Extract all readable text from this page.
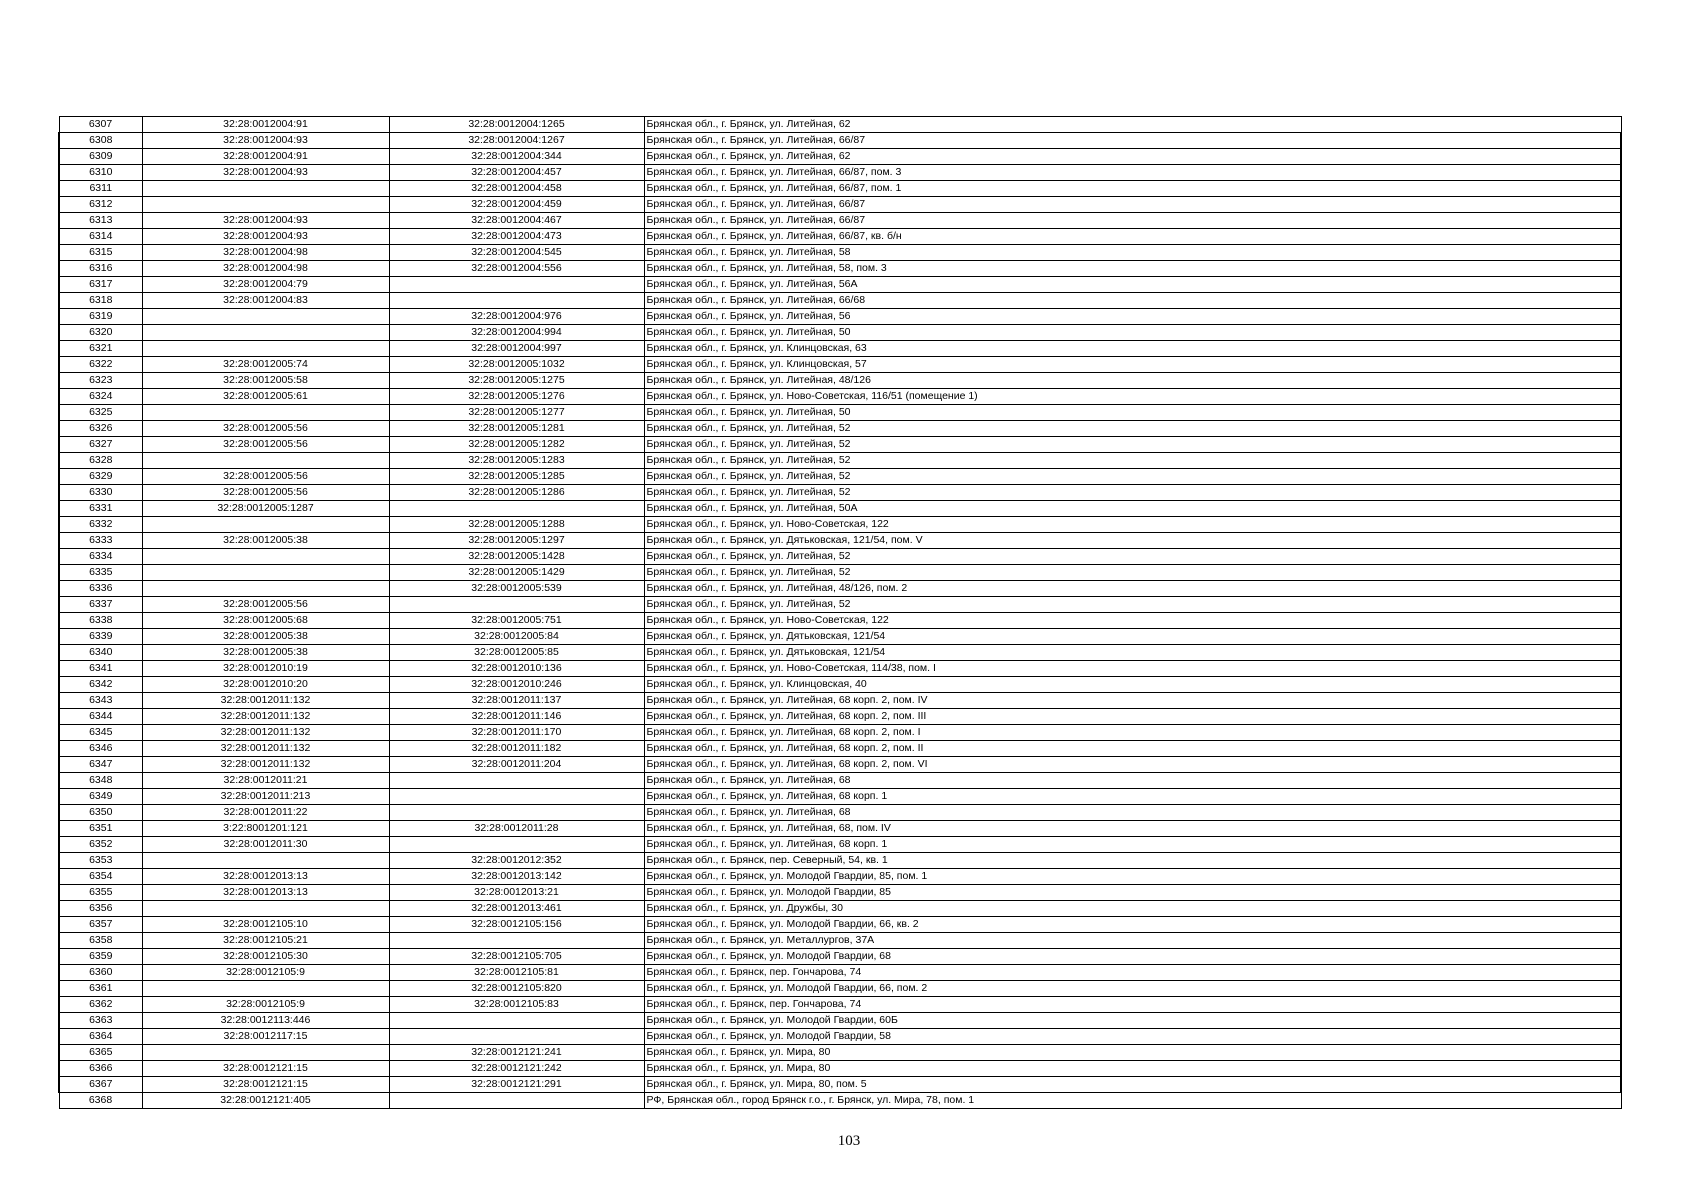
6307	32:28:0012004:91	32:28:0012004:1265	Брянская обл., г. Брянск, ул. Литейная, 62
6308	32:28:0012004:93	32:28:0012004:1267	Брянская обл., г. Брянск, ул. Литейная, 66/87
6309	32:28:0012004:91	32:28:0012004:344	Брянская обл., г. Брянск, ул. Литейная, 62
6310	32:28:0012004:93	32:28:0012004:457	Брянская обл., г. Брянск, ул. Литейная, 66/87, пом. 3
6311		32:28:0012004:458	Брянская обл., г. Брянск, ул. Литейная, 66/87, пом. 1
6312		32:28:0012004:459	Брянская обл., г. Брянск, ул. Литейная, 66/87
6313	32:28:0012004:93	32:28:0012004:467	Брянская обл., г. Брянск, ул. Литейная, 66/87
6314	32:28:0012004:93	32:28:0012004:473	Брянская обл., г. Брянск, ул. Литейная, 66/87, кв. б/н
6315	32:28:0012004:98	32:28:0012004:545	Брянская обл., г. Брянск, ул. Литейная, 58
6316	32:28:0012004:98	32:28:0012004:556	Брянская обл., г. Брянск, ул. Литейная, 58, пом. 3
6317	32:28:0012004:79		Брянская обл., г. Брянск, ул. Литейная, 56А
6318	32:28:0012004:83		Брянская обл., г. Брянск, ул. Литейная, 66/68
6319		32:28:0012004:976	Брянская обл., г. Брянск, ул. Литейная, 56
6320		32:28:0012004:994	Брянская обл., г. Брянск, ул. Литейная, 50
6321		32:28:0012004:997	Брянская обл., г. Брянск, ул. Клинцовская, 63
6322	32:28:0012005:74	32:28:0012005:1032	Брянская обл., г. Брянск, ул. Клинцовская, 57
6323	32:28:0012005:58	32:28:0012005:1275	Брянская обл., г. Брянск, ул. Литейная, 48/126
6324	32:28:0012005:61	32:28:0012005:1276	Брянская обл., г. Брянск, ул. Ново-Советская, 116/51 (помещение 1)
6325		32:28:0012005:1277	Брянская обл., г. Брянск, ул. Литейная, 50
6326	32:28:0012005:56	32:28:0012005:1281	Брянская обл., г. Брянск, ул. Литейная, 52
6327	32:28:0012005:56	32:28:0012005:1282	Брянская обл., г. Брянск, ул. Литейная, 52
6328		32:28:0012005:1283	Брянская обл., г. Брянск, ул. Литейная, 52
6329	32:28:0012005:56	32:28:0012005:1285	Брянская обл., г. Брянск, ул. Литейная, 52
6330	32:28:0012005:56	32:28:0012005:1286	Брянская обл., г. Брянск, ул. Литейная, 52
6331	32:28:0012005:1287		Брянская обл., г. Брянск, ул. Литейная, 50А
6332		32:28:0012005:1288	Брянская обл., г. Брянск, ул. Ново-Советская, 122
6333	32:28:0012005:38	32:28:0012005:1297	Брянская обл., г. Брянск, ул. Дятьковская, 121/54, пом. V
6334		32:28:0012005:1428	Брянская обл., г. Брянск, ул. Литейная, 52
6335		32:28:0012005:1429	Брянская обл., г. Брянск, ул. Литейная, 52
6336		32:28:0012005:539	Брянская обл., г. Брянск, ул. Литейная, 48/126, пом. 2
6337	32:28:0012005:56		Брянская обл., г. Брянск, ул. Литейная, 52
6338	32:28:0012005:68	32:28:0012005:751	Брянская обл., г. Брянск, ул. Ново-Советская, 122
6339	32:28:0012005:38	32:28:0012005:84	Брянская обл., г. Брянск, ул. Дятьковская, 121/54
6340	32:28:0012005:38	32:28:0012005:85	Брянская обл., г. Брянск, ул. Дятьковская, 121/54
6341	32:28:0012010:19	32:28:0012010:136	Брянская обл., г. Брянск, ул. Ново-Советская, 114/38, пом. I
6342	32:28:0012010:20	32:28:0012010:246	Брянская обл., г. Брянск, ул. Клинцовская, 40
6343	32:28:0012011:132	32:28:0012011:137	Брянская обл., г. Брянск, ул. Литейная, 68 корп. 2, пом. IV
6344	32:28:0012011:132	32:28:0012011:146	Брянская обл., г. Брянск, ул. Литейная, 68 корп. 2, пом. III
6345	32:28:0012011:132	32:28:0012011:170	Брянская обл., г. Брянск, ул. Литейная, 68 корп. 2, пом. I
6346	32:28:0012011:132	32:28:0012011:182	Брянская обл., г. Брянск, ул. Литейная, 68 корп. 2, пом. II
6347	32:28:0012011:132	32:28:0012011:204	Брянская обл., г. Брянск, ул. Литейная, 68 корп. 2, пом. VI
6348	32:28:0012011:21		Брянская обл., г. Брянск, ул. Литейная, 68
6349	32:28:0012011:213		Брянская обл., г. Брянск, ул. Литейная, 68 корп. 1
6350	32:28:0012011:22		Брянская обл., г. Брянск, ул. Литейная, 68
6351	3:22:8001201:121	32:28:0012011:28	Брянская обл., г. Брянск, ул. Литейная, 68, пом. IV
6352	32:28:0012011:30		Брянская обл., г. Брянск, ул. Литейная, 68 корп. 1
6353		32:28:0012012:352	Брянская обл., г. Брянск, пер. Северный, 54, кв. 1
6354	32:28:0012013:13	32:28:0012013:142	Брянская обл., г. Брянск, ул. Молодой Гвардии, 85, пом. 1
6355	32:28:0012013:13	32:28:0012013:21	Брянская обл., г. Брянск, ул. Молодой Гвардии, 85
6356		32:28:0012013:461	Брянская обл., г. Брянск, ул. Дружбы, 30
6357	32:28:0012105:10	32:28:0012105:156	Брянская обл., г. Брянск, ул. Молодой Гвардии, 66, кв. 2
6358	32:28:0012105:21		Брянская обл., г. Брянск, ул. Металлургов, 37А
6359	32:28:0012105:30	32:28:0012105:705	Брянская обл., г. Брянск, ул. Молодой Гвардии, 68
6360	32:28:0012105:9	32:28:0012105:81	Брянская обл., г. Брянск, пер. Гончарова, 74
6361		32:28:0012105:820	Брянская обл., г. Брянск, ул. Молодой Гвардии, 66, пом. 2
6362	32:28:0012105:9	32:28:0012105:83	Брянская обл., г. Брянск, пер. Гончарова, 74
6363	32:28:0012113:446		Брянская обл., г. Брянск, ул. Молодой Гвардии, 60Б
6364	32:28:0012117:15		Брянская обл., г. Брянск, ул. Молодой Гвардии, 58
6365		32:28:0012121:241	Брянская обл., г. Брянск, ул. Мира, 80
6366	32:28:0012121:15	32:28:0012121:242	Брянская обл., г. Брянск, ул. Мира, 80
6367	32:28:0012121:15	32:28:0012121:291	Брянская обл., г. Брянск, ул. Мира, 80, пом. 5
6368	32:28:0012121:405		РФ, Брянская обл., город Брянск г.о., г. Брянск, ул. Мира, 78, пом. 1
103
